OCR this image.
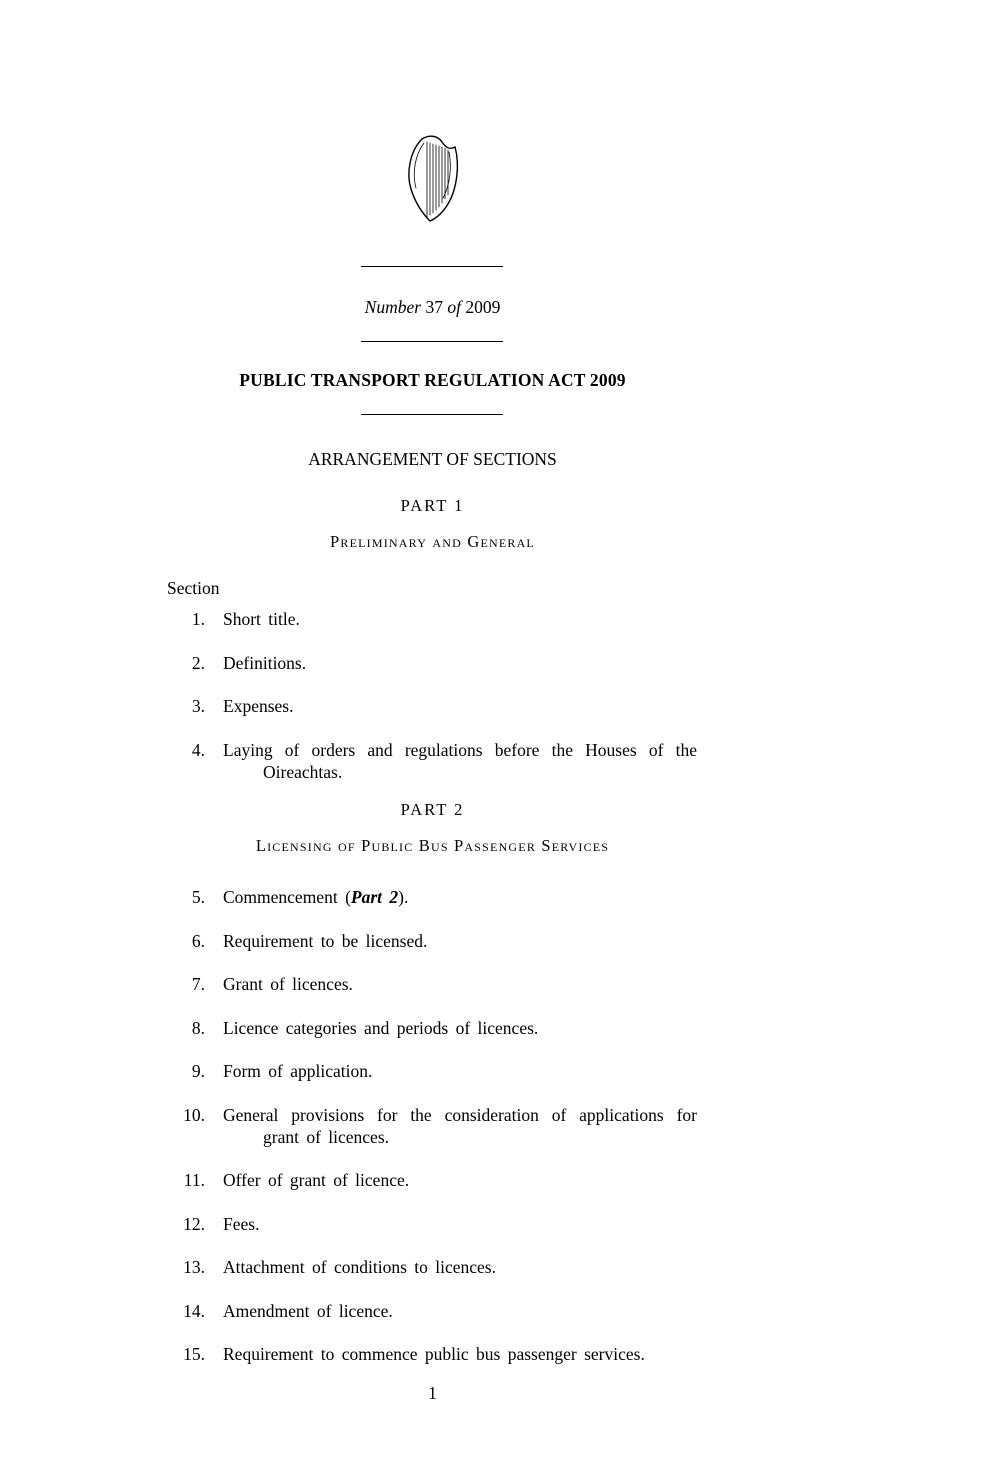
Number 37 of 2009
PUBLIC TRANSPORT REGULATION ACT 2009
ARRANGEMENT OF SECTIONS
PART 1
Preliminary and General
Section
1. Short title.
2. Definitions.
3. Expenses.
4. Laying of orders and regulations before the Houses of the Oireachtas.
PART 2
Licensing of Public Bus Passenger Services
5. Commencement (Part 2).
6. Requirement to be licensed.
7. Grant of licences.
8. Licence categories and periods of licences.
9. Form of application.
10. General provisions for the consideration of applications for grant of licences.
11. Offer of grant of licence.
12. Fees.
13. Attachment of conditions to licences.
14. Amendment of licence.
15. Requirement to commence public bus passenger services.
1
